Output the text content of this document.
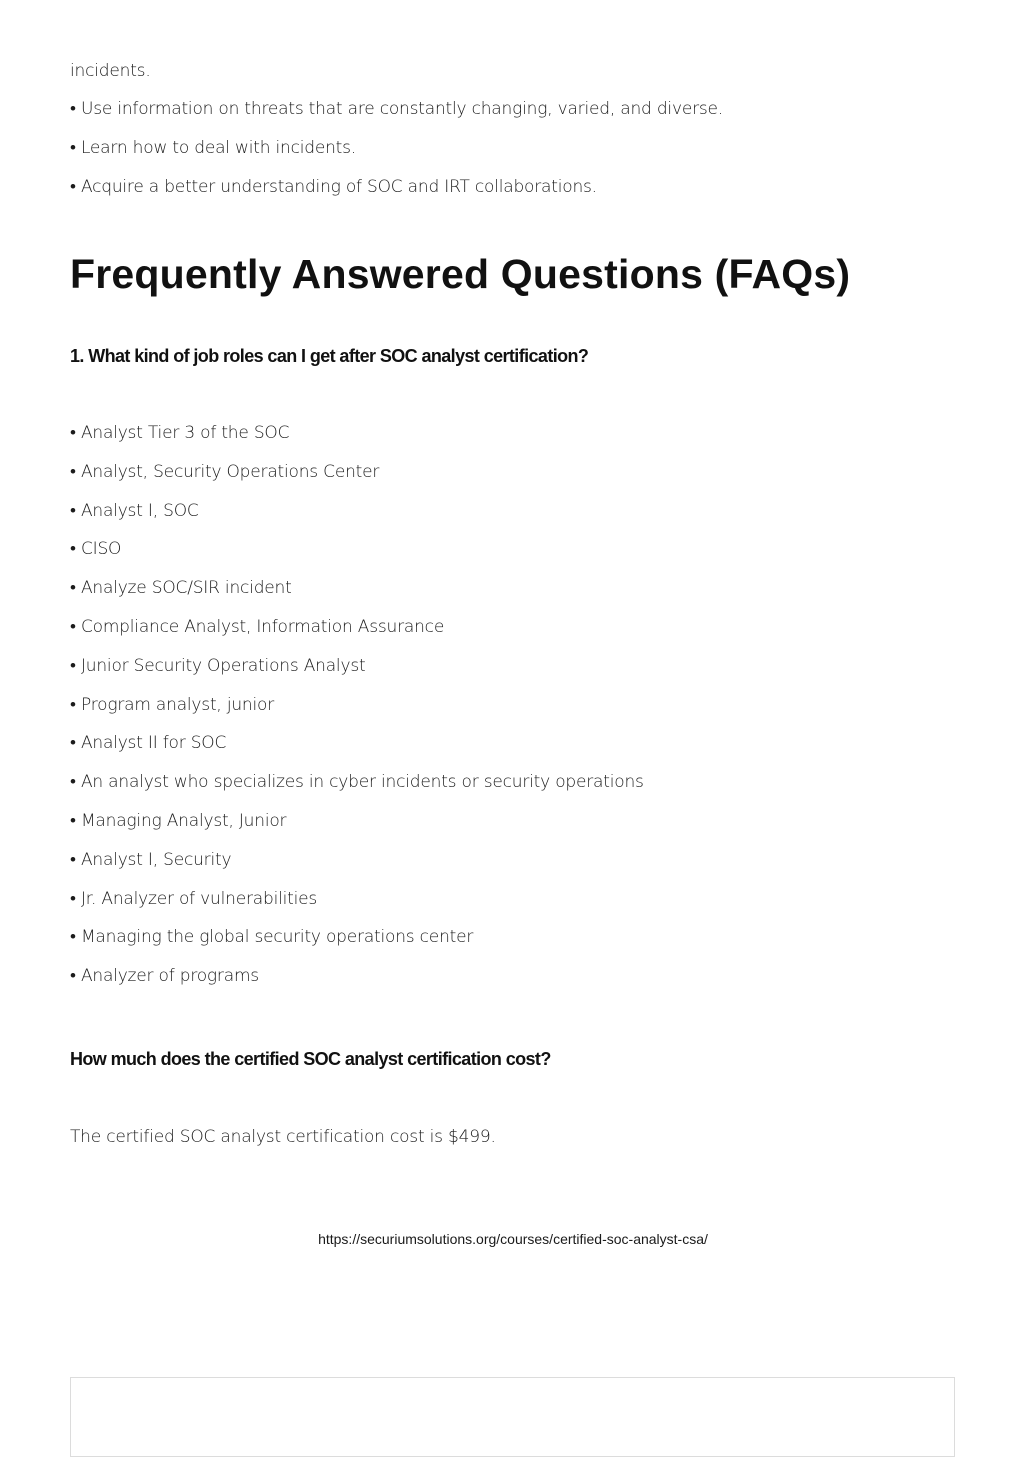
incidents.
• Use information on threats that are constantly changing, varied, and diverse.
• Learn how to deal with incidents.
• Acquire a better understanding of SOC and IRT collaborations.
Frequently Answered Questions (FAQs)
1. What kind of job roles can I get after SOC analyst certification?
• Analyst Tier 3 of the SOC
• Analyst, Security Operations Center
• Analyst I, SOC
• CISO
• Analyze SOC/SIR incident
• Compliance Analyst, Information Assurance
• Junior Security Operations Analyst
• Program analyst, junior
• Analyst II for SOC
• An analyst who specializes in cyber incidents or security operations
• Managing Analyst, Junior
• Analyst I, Security
• Jr. Analyzer of vulnerabilities
• Managing the global security operations center
• Analyzer of programs
How much does the certified SOC analyst certification cost?
The certified SOC analyst certification cost is $499.
https://securiumsolutions.org/courses/certified-soc-analyst-csa/
